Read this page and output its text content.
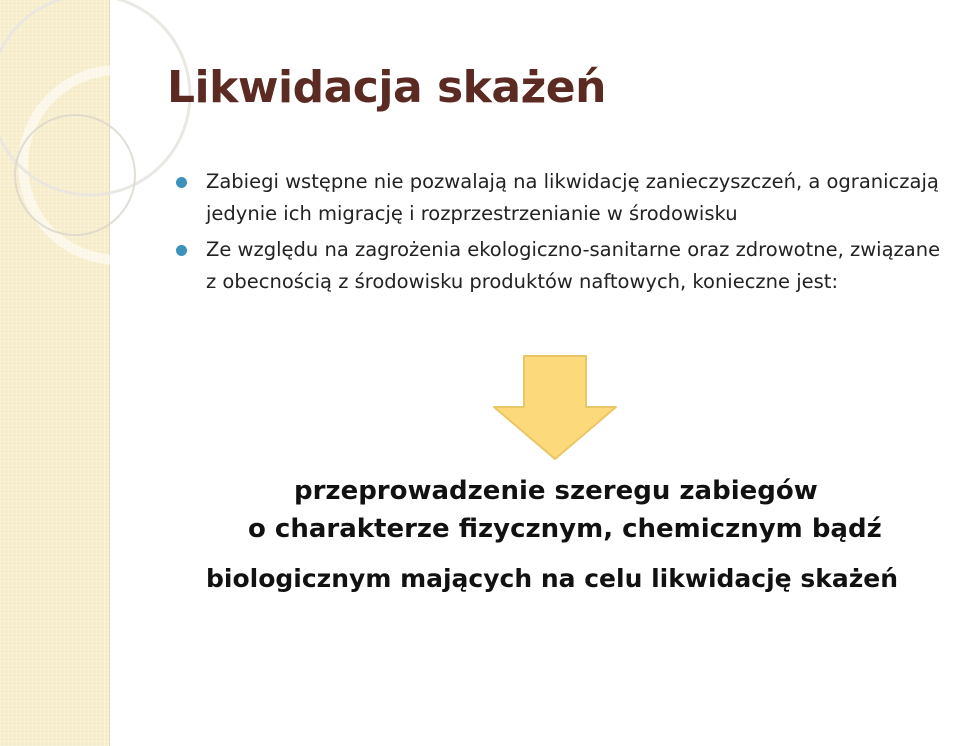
Likwidacja skażeń
Zabiegi wstępne nie pozwalają na likwidację zanieczyszczeń, a ograniczają jedynie ich migrację i rozprzestrzenianie w środowisku
Ze względu na zagrożenia ekologiczno-sanitarne oraz zdrowotne, związane z obecnością z środowisku produktów naftowych, konieczne jest:
przeprowadzenie szeregu zabiegów
o charakterze fizycznym, chemicznym bądź
biologicznym mających na celu likwidację skażeń
